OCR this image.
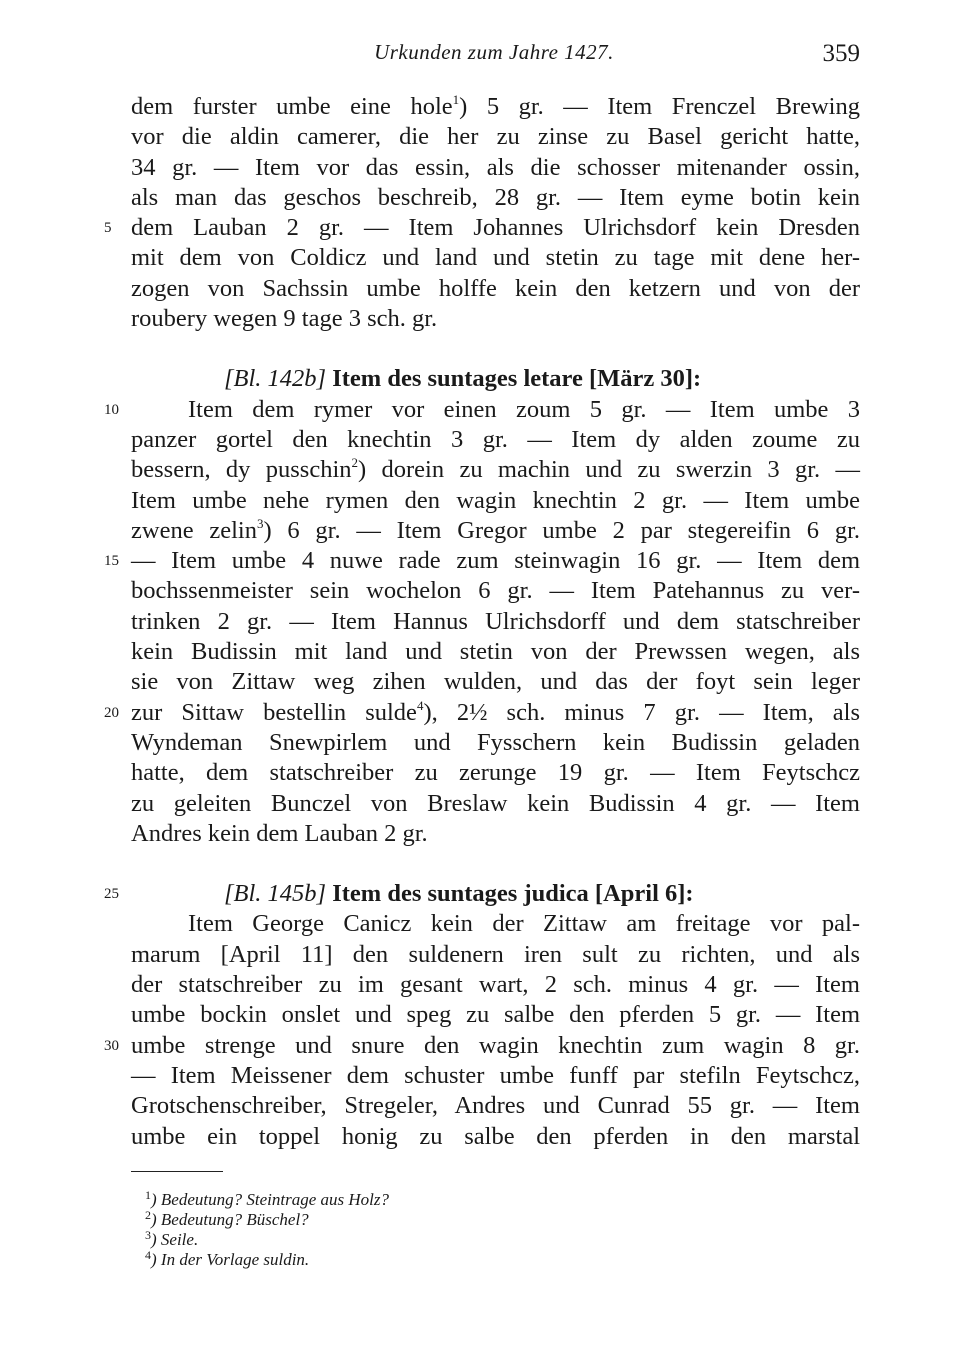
Urkunden zum Jahre 1427.	359
dem furster umbe eine hole$^1$) 5 gr. — Item Frenczel Brewing
vor die aldin camerer, die her zu zinse zu Basel gericht hatte,
34 gr. — Item vor das essin, als die schosser mitenander ossin,
als man das geschos beschreib, 28 gr. — Item eyme botin kein
5 dem Lauban 2 gr. — Item Johannes Ulrichsdorf kein Dresden
mit dem von Coldicz und land und stetin zu tage mit dene her-
zogen von Sachssin umbe holffe kein den ketzern und von der
roubery wegen 9 tage 3 sch. gr.
[Bl. 142b] Item des suntages letare [März 30]:
10	Item dem rymer vor einen zoum 5 gr. — Item umbe 3
panzer gortel den knechtin 3 gr. — Item dy alden zoume zu
bessern, dy pusschin$^2$) dorein zu machin und zu swerzin 3 gr. —
Item umbe nehe rymen den wagin knechtin 2 gr. — Item umbe
zwene zelin$^3$) 6 gr. — Item Gregor umbe 2 par stegereifin 6 gr.
15 — Item umbe 4 nuwe rade zum steinwagin 16 gr. — Item dem
bochssenmeister sein wochelon 6 gr. — Item Patehannus zu ver-
trinken 2 gr. — Item Hannus Ulrichsdorff und dem statschreiber
kein Budissin mit land und stetin von der Prewssen wegen, als
sie von Zittaw weg zihen wulden, und das der foyt sein leger
20 zur Sittaw bestellin sulde$^4$), 2½ sch. minus 7 gr. — Item, als
Wyndeman Snewpirlem und Fysschern kein Budissin geladen
hatte, dem statschreiber zu zerunge 19 gr. — Item Feytschcz
zu geleiten Bunczel von Breslaw kein Budissin 4 gr. — Item
Andres kein dem Lauban 2 gr.
25	[Bl. 145b] Item des suntages judica [April 6]:
Item George Canicz kein der Zittaw am freitage vor pal-
marum [April 11] den suldenern iren sult zu richten, und als
der statschreiber zu im gesant wart, 2 sch. minus 4 gr. — Item
umbe bockin onslet und speg zu salbe den pferden 5 gr. — Item
30 umbe strenge und snure den wagin knechtin zum wagin 8 gr.
— Item Meissener dem schuster umbe funff par stefiln Feytschcz,
Grotschenschreiber, Stregeler, Andres und Cunrad 55 gr. — Item
umbe ein toppel honig zu salbe den pferden in den marstal
$^1$) Bedeutung? Steintrage aus Holz?
$^2$) Bedeutung? Büschel?
$^3$) Seile.
$^4$) In der Vorlage suldin.
